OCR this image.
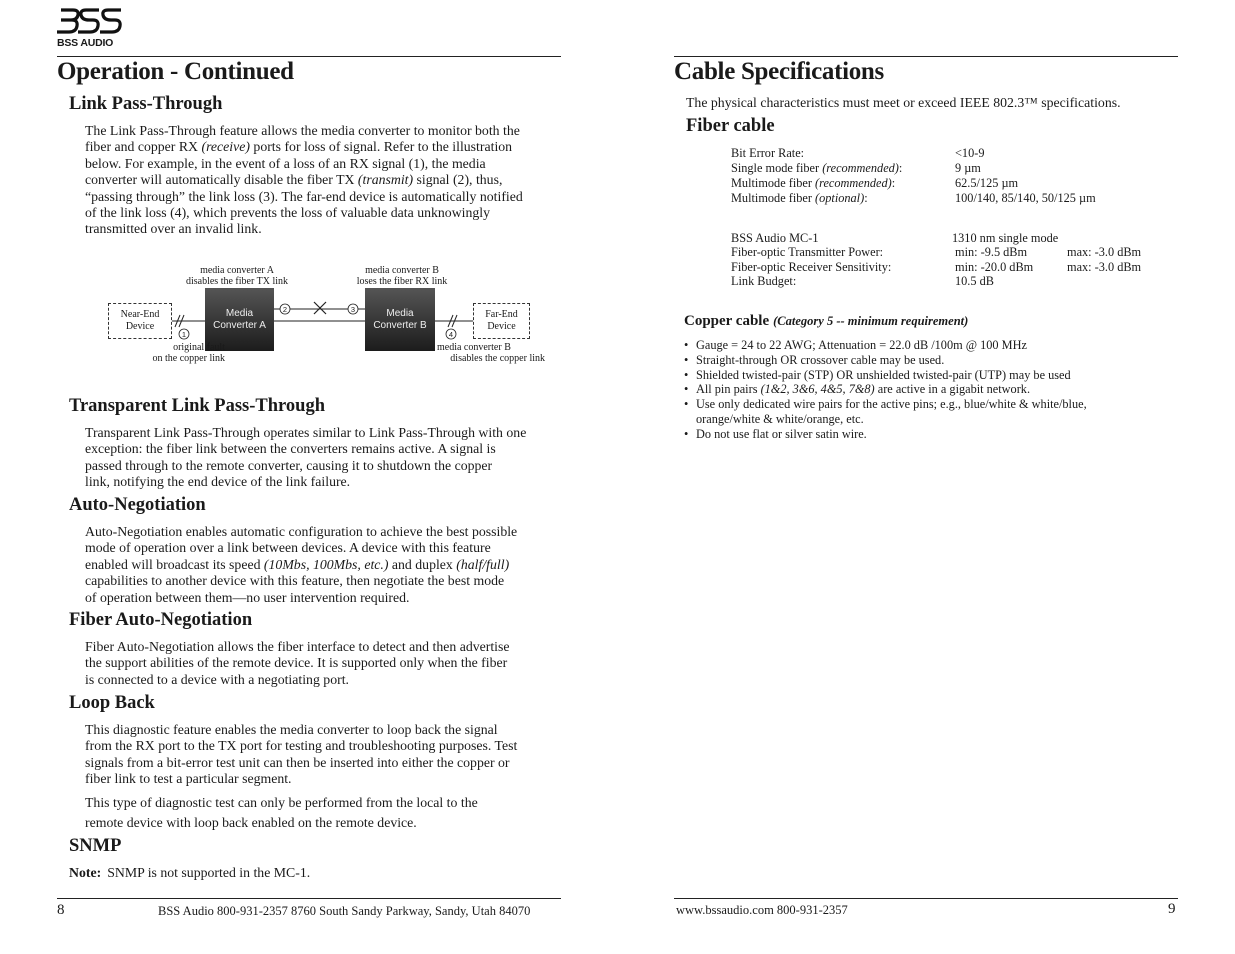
BSS AUDIO
Operation - Continued
Link Pass-Through
The Link Pass-Through feature allows the media converter to monitor both the
fiber and copper RX (receive) ports for loss of signal. Refer to the illustration
below. For example, in the event of a loss of an RX signal (1), the media
converter will automatically disable the fiber TX (transmit) signal (2), thus,
“passing through” the link loss (3). The far-end device is automatically notified
of the link loss (4), which prevents the loss of valuable data unknowingly
transmitted over an invalid link.
Transparent Link Pass-Through
Transparent Link Pass-Through operates similar to Link Pass-Through with one
exception: the fiber link between the converters remains active. A signal is
passed through to the remote converter, causing it to shutdown the copper
link, notifying the end device of the link failure.
Auto-Negotiation
Auto-Negotiation enables automatic configuration to achieve the best possible
mode of operation over a link between devices. A device with this feature
enabled will broadcast its speed (10Mbs, 100Mbs, etc.) and duplex (half/full)
capabilities to another device with this feature, then negotiate the best mode
of operation between them—no user intervention required.
Fiber Auto-Negotiation
Fiber Auto-Negotiation allows the fiber interface to detect and then advertise
the support abilities of the remote device. It is supported only when the fiber
is connected to a device with a negotiating port.
Loop Back
This diagnostic feature enables the media converter to loop back the signal
from the RX port to the TX port for testing and troubleshooting purposes. Test
signals from a bit-error test unit can then be inserted into either the copper or
fiber link to test a particular segment.
This type of diagnostic test can only be performed from the local to the
remote device with loop back enabled on the remote device.
SNMP
Note: SNMP is not supported in the MC-1.
media converter A
disables the fiber TX link
media converter B
loses the fiber RX link
2	3
1	4
Near-End
Device
Media
Converter A
Media
Converter B
Far-End
Device
original fault
on the copper link
media converter B
disables the copper link
8	BSS Audio 800-931-2357 8760 South Sandy Parkway, Sandy, Utah 84070
Cable Specifications
The physical characteristics must meet or exceed IEEE 802.3™ specifications.
Fiber cable
Bit Error Rate:	<10-9
Single mode fiber (recommended):	9 µm
Multimode fiber (recommended):	62.5/125 µm
Multimode fiber (optional):	100/140, 85/140, 50/125 µm
BSS Audio MC-1	1310 nm single mode
Fiber-optic Transmitter Power:	min: -9.5 dBm	max: -3.0 dBm
Fiber-optic Receiver Sensitivity:	min: -20.0 dBm	max: -3.0 dBm
Link Budget:	10.5 dB
Copper cable (Category 5 -- minimum requirement)
• Gauge = 24 to 22 AWG; Attenuation = 22.0 dB /100m @ 100 MHz
• Straight-through OR crossover cable may be used.
• Shielded twisted-pair (STP) OR unshielded twisted-pair (UTP) may be used
• All pin pairs (1&2, 3&6, 4&5, 7&8) are active in a gigabit network.
• Use only dedicated wire pairs for the active pins; e.g., blue/white & white/blue,
orange/white & white/orange, etc.
• Do not use flat or silver satin wire.
www.bssaudio.com 800-931-2357	9
